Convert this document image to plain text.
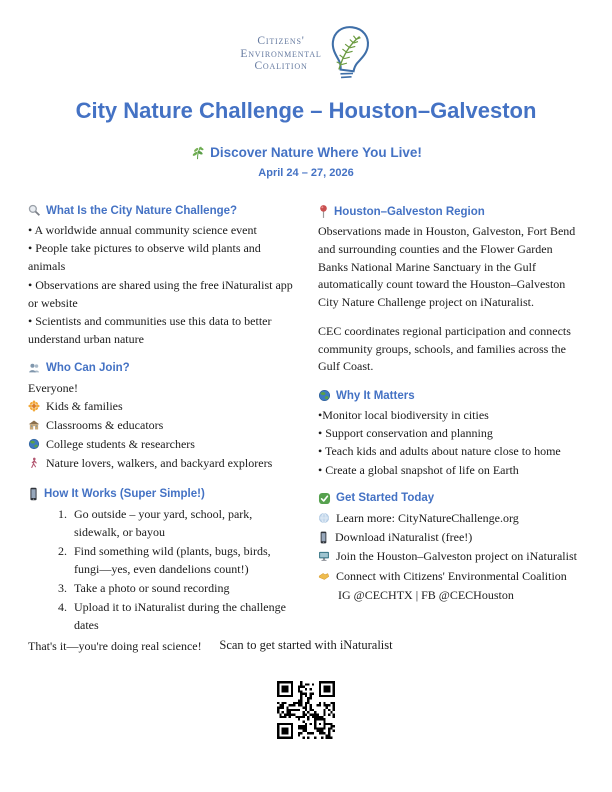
Citizens'
Environmental
Coalition
City Nature Challenge – Houston–Galveston
Discover Nature Where You Live!
April 24 – 27, 2026
What Is the City Nature Challenge?
• A worldwide annual community science event
• People take pictures to observe wild plants and animals
• Observations are shared using the free iNaturalist app or website
• Scientists and communities use this data to better understand urban nature
Who Can Join?
Everyone!
Kids & families
Classrooms & educators
College students & researchers
Nature lovers, walkers, and backyard explorers
How It Works (Super Simple!)
1. Go outside – your yard, school, park, sidewalk, or bayou
2. Find something wild (plants, bugs, birds, fungi—yes, even dandelions count!)
3. Take a photo or sound recording
4. Upload it to iNaturalist during the challenge dates
That's it—you're doing real science!
Houston–Galveston Region

Observations made in Houston, Galveston, Fort Bend and surrounding counties and the Flower Garden Banks National Marine Sanctuary in the Gulf automatically count toward the Houston–Galveston City Nature Challenge project on iNaturalist.

CEC coordinates regional participation and connects community groups, schools, and families across the Gulf Coast.

Why It Matters
•Monitor local biodiversity in cities
• Support conservation and planning
• Teach kids and adults about nature close to home
• Create a global snapshot of life on Earth
Get Started Today
Learn more: CityNatureChallenge.org
Download iNaturalist (free!)
Join the Houston–Galveston project on iNaturalist
Connect with Citizens' Environmental Coalition
IG @CECHTX | FB @CECHouston
Scan to get started with iNaturalist
